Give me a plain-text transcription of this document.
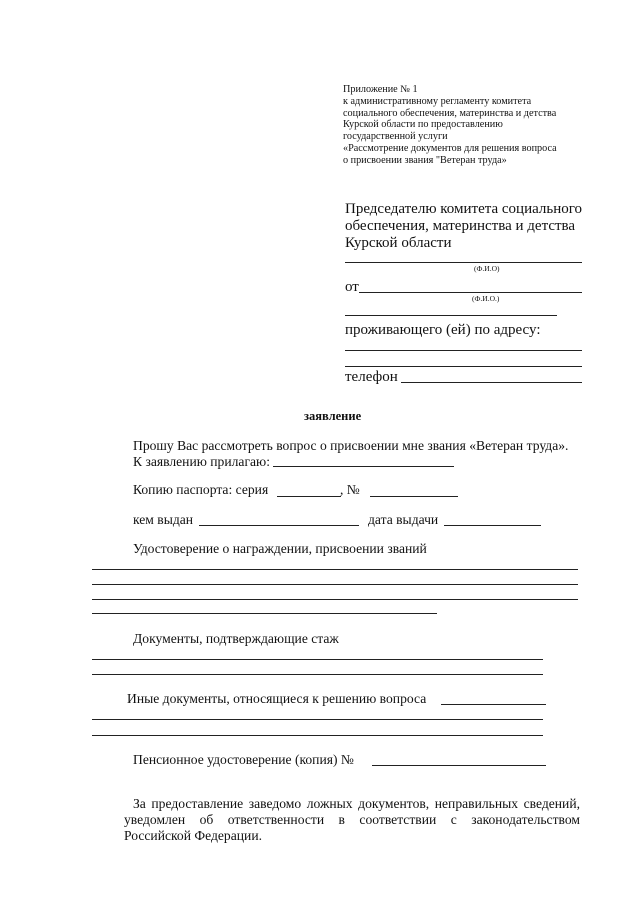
Приложение № 1
к административному регламенту комитета
социального обеспечения, материнства и детства
Курской области по предоставлению
государственной услуги
«Рассмотрение документов для решения вопроса
о присвоении звания "Ветеран труда»
Председателю комитета социального
обеспечения, материнства и детства
Курской области
(Ф.И.О)
от
(Ф.И.О.)
проживающего (ей) по адресу:
телефон
заявление
Прошу Вас рассмотреть вопрос о присвоении мне звания «Ветеран труда».
К заявлению прилагаю:
Копию паспорта: серия	, №
кем выдан	дата выдачи
Удостоверение о награждении, присвоении званий
Документы, подтверждающие стаж
Иные документы, относящиеся к решению вопроса
Пенсионное удостоверение (копия) №
За предоставление заведомо ложных документов, неправильных сведений, уведомлен об ответственности в соответствии с законодательством Российской Федерации.
